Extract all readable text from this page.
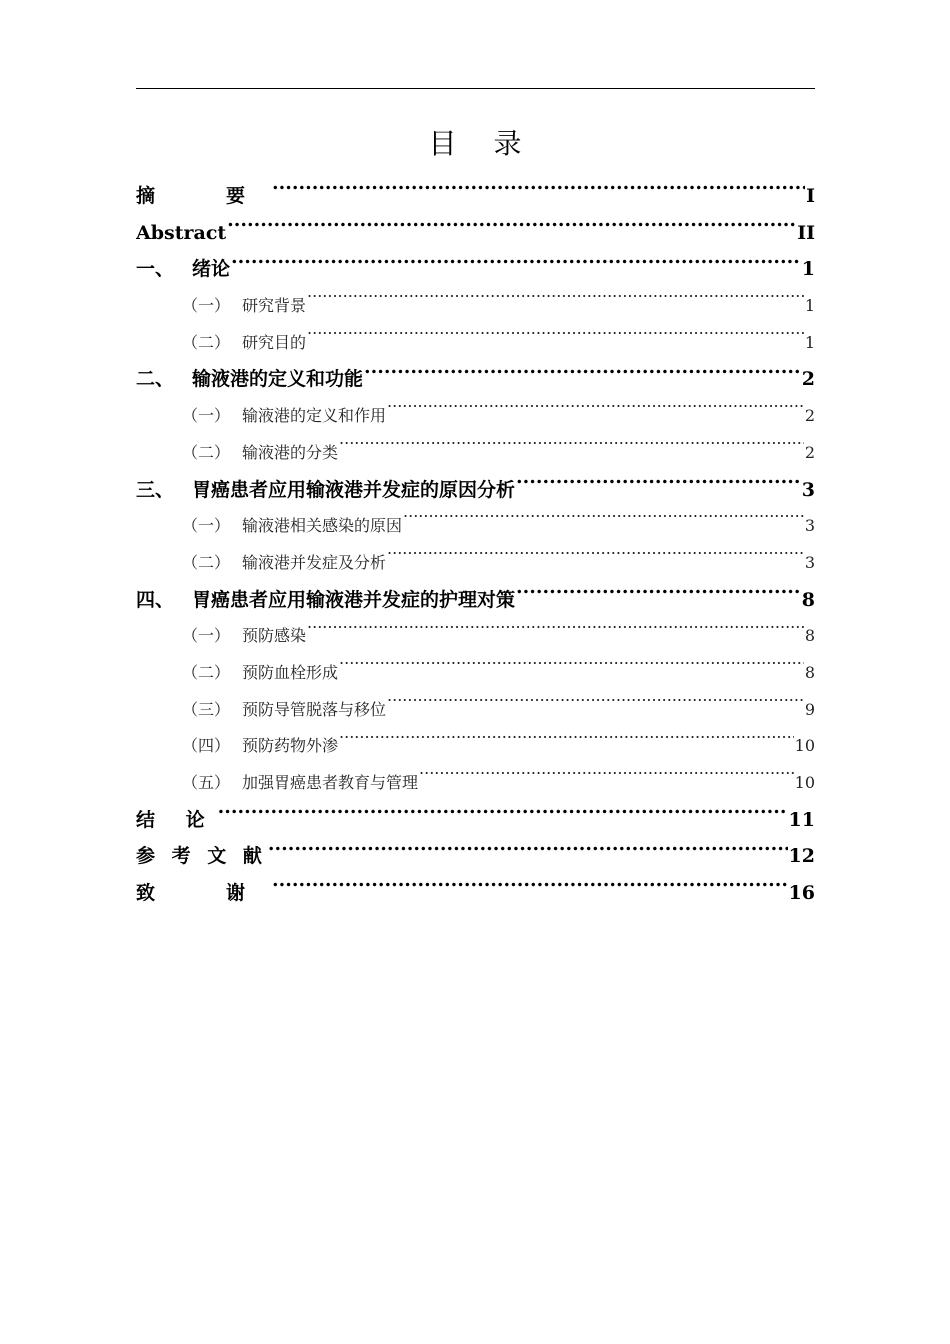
目 录
摘　要 .....	I
Abstract .....	II
一、 绪论 .....	1
（一） 研究背景 .....	1
（二） 研究目的 .....	1
二、 输液港的定义和功能 .....	2
（一） 输液港的定义和作用 .....	2
（二） 输液港的分类 .....	2
三、 胃癌患者应用输液港并发症的原因分析 .....	3
（一） 输液港相关感染的原因 .....	3
（二） 输液港并发症及分析 .....	3
四、 胃癌患者应用输液港并发症的护理对策 .....	8
（一） 预防感染 .....	8
（二） 预防血栓形成 .....	8
（三） 预防导管脱落与移位 .....	9
（四） 预防药物外渗 .....	10
（五） 加强胃癌患者教育与管理 .....	10
结 论 .....	11
参 考 文 献 .....	12
致　谢 .....	16
